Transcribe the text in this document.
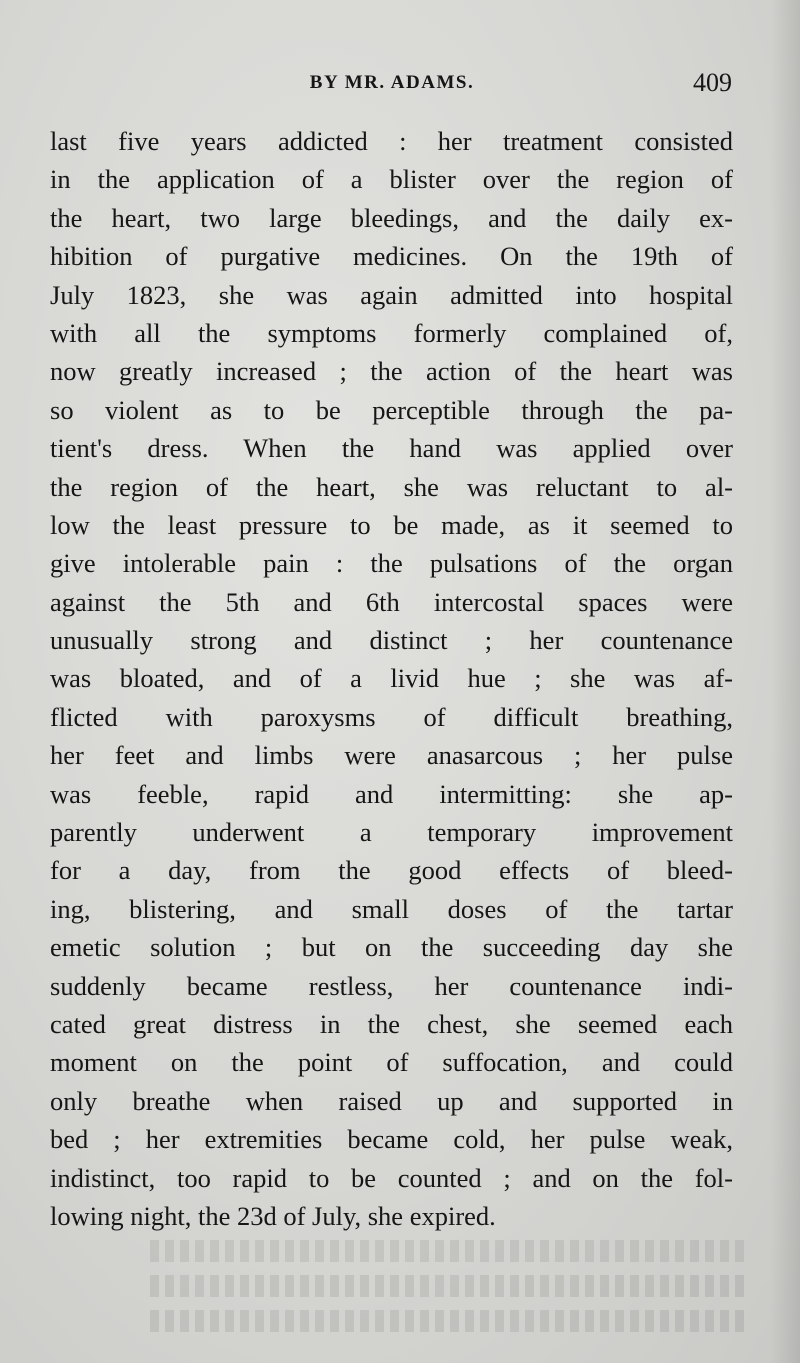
BY MR. ADAMS.	409
last five years addicted : her treatment consisted
in the application of a blister over the region of
the heart, two large bleedings, and the daily ex-
hibition of purgative medicines. On the 19th of
July 1823, she was again admitted into hospital
with all the symptoms formerly complained of,
now greatly increased ; the action of the heart was
so violent as to be perceptible through the pa-
tient's dress. When the hand was applied over
the region of the heart, she was reluctant to al-
low the least pressure to be made, as it seemed to
give intolerable pain : the pulsations of the organ
against the 5th and 6th intercostal spaces were
unusually strong and distinct ; her countenance
was bloated, and of a livid hue ; she was af-
flicted with paroxysms of difficult breathing,
her feet and limbs were anasarcous ; her pulse
was feeble, rapid and intermitting: she ap-
parently underwent a temporary improvement
for a day, from the good effects of bleed-
ing, blistering, and small doses of the tartar
emetic solution ; but on the succeeding day she
suddenly became restless, her countenance indi-
cated great distress in the chest, she seemed each
moment on the point of suffocation, and could
only breathe when raised up and supported in
bed ; her extremities became cold, her pulse weak,
indistinct, too rapid to be counted ; and on the fol-
lowing night, the 23d of July, she expired.
